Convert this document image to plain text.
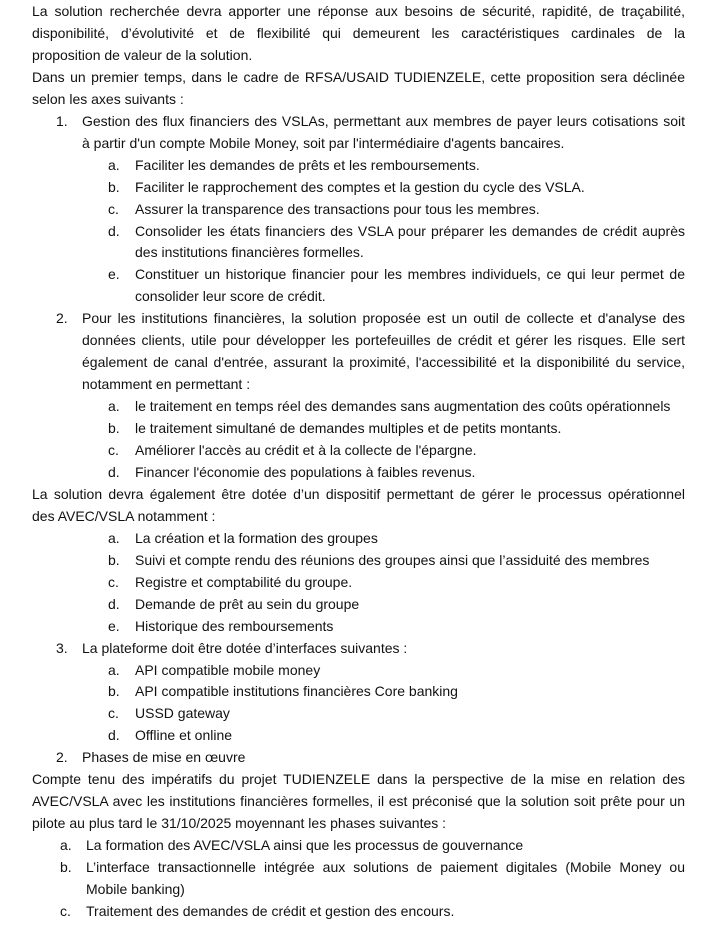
La solution recherchée devra apporter une réponse aux besoins de sécurité, rapidité, de traçabilité,
disponibilité, d’évolutivité et de flexibilité qui demeurent les caractéristiques cardinales de la
proposition de valeur de la solution.
Dans un premier temps, dans le cadre de RFSA/USAID TUDIENZELE, cette proposition sera déclinée
selon les axes suivants :
1. Gestion des flux financiers des VSLAs, permettant aux membres de payer leurs cotisations soit
à partir d'un compte Mobile Money, soit par l'intermédiaire d'agents bancaires.
a. Faciliter les demandes de prêts et les remboursements.
b. Faciliter le rapprochement des comptes et la gestion du cycle des VSLA.
c. Assurer la transparence des transactions pour tous les membres.
d. Consolider les états financiers des VSLA pour préparer les demandes de crédit auprès
des institutions financières formelles.
e. Constituer un historique financier pour les membres individuels, ce qui leur permet de
consolider leur score de crédit.
2. Pour les institutions financières, la solution proposée est un outil de collecte et d'analyse des
données clients, utile pour développer les portefeuilles de crédit et gérer les risques. Elle sert
également de canal d'entrée, assurant la proximité, l'accessibilité et la disponibilité du service,
notamment en permettant :
a. le traitement en temps réel des demandes sans augmentation des coûts opérationnels
b. le traitement simultané de demandes multiples et de petits montants.
c. Améliorer l'accès au crédit et à la collecte de l'épargne.
d. Financer l'économie des populations à faibles revenus.
La solution devra également être dotée d’un dispositif permettant de gérer le processus opérationnel
des AVEC/VSLA notamment :
a. La création et la formation des groupes
b. Suivi et compte rendu des réunions des groupes ainsi que l’assiduité des membres
c. Registre et comptabilité du groupe.
d. Demande de prêt au sein du groupe
e. Historique des remboursements
3. La plateforme doit être dotée d’interfaces suivantes :
a. API compatible mobile money
b. API compatible institutions financières Core banking
c. USSD gateway
d. Offline et online
2. Phases de mise en œuvre
Compte tenu des impératifs du projet TUDIENZELE dans la perspective de la mise en relation des
AVEC/VSLA avec les institutions financières formelles, il est préconisé que la solution soit prête pour un
pilote au plus tard le 31/10/2025 moyennant les phases suivantes :
a. La formation des AVEC/VSLA ainsi que les processus de gouvernance
b. L’interface transactionnelle intégrée aux solutions de paiement digitales (Mobile Money ou
Mobile banking)
c. Traitement des demandes de crédit et gestion des encours.
